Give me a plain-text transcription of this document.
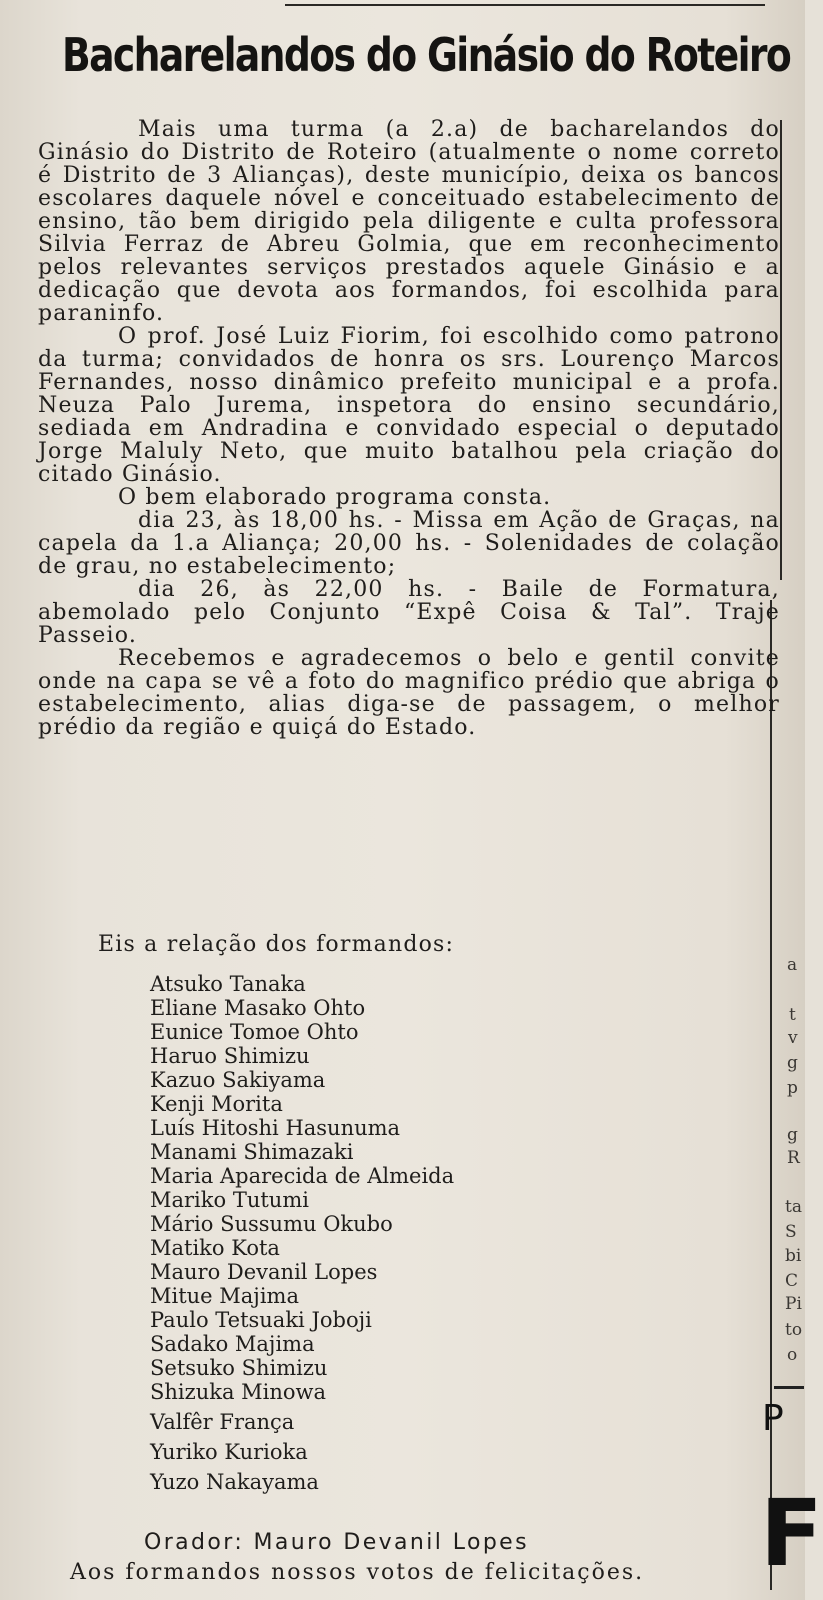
Bacharelandos do Ginásio do Roteiro

Mais uma turma (a 2.a) de bacharelandos do Ginásio do Distrito de Roteiro (atualmente o nome correto é Distrito de 3 Alianças), deste município, deixa os bancos escolares daquele nóvel e conceituado estabelecimento de ensino, tão bem dirigido pela diligente e culta professora Silvia Ferraz de Abreu Golmia, que em reconhecimento pelos relevantes serviços prestados aquele Ginásio e a dedicação que devota aos formandos, foi escolhida para paraninfo.

O prof. José Luiz Fiorim, foi escolhido como patrono da turma; convidados de honra os srs. Lourenço Marcos Fernandes, nosso dinâmico prefeito municipal e a profa. Neuza Palo Jurema, inspetora do ensino secundário, sediada em Andradina e convidado especial o deputado Jorge Maluly Neto, que muito batalhou pela criação do citado Ginásio.

O bem elaborado programa consta.

dia 23, às 18,00 hs. - Missa em Ação de Graças, na capela da 1.a Aliança; 20,00 hs. - Solenidades de colação de grau, no estabelecimento;

dia 26, às 22,00 hs. - Baile de Formatura, abemolado pelo Conjunto “Expê Coisa & Tal”. Traje Passeio.

Recebemos e agradecemos o belo e gentil convite onde na capa se vê a foto do magnifico prédio que abriga o estabelecimento, alias diga-se de passagem, o melhor prédio da região e quiçá do Estado.

Eis a relação dos formandos:
Atsuko Tanaka
Eliane Masako Ohto
Eunice Tomoe Ohto
Haruo Shimizu
Kazuo Sakiyama
Kenji Morita
Luís Hitoshi Hasunuma
Manami Shimazaki
Maria Aparecida de Almeida
Mariko Tutumi
Mário Sussumu Okubo
Matiko Kota
Mauro Devanil Lopes
Mitue Majima
Paulo Tetsuaki Joboji
Sadako Majima
Setsuko Shimizu
Shizuka Minowa
Valfêr França
Yuriko Kurioka
Yuzo Nakayama
Orador: Mauro Devanil Lopes
Aos formandos nossos votos de felicitações.
a
t
v
g
p
g
R
ta
S
bi
C
Pi
to
o
P
F
